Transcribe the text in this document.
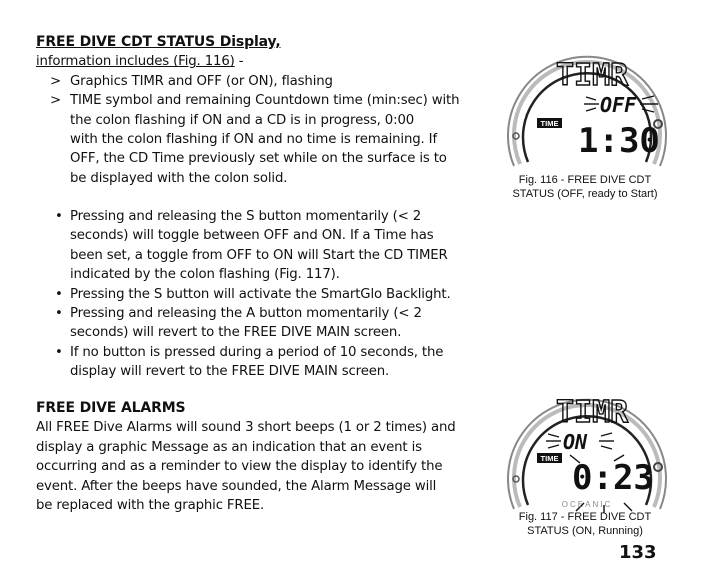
FREE DIVE CDT STATUS Display,
information includes (Fig. 116) -
> Graphics TIMR and OFF (or ON), flashing
> TIME symbol and remaining Countdown time (min:sec) with
the colon flashing if ON and a CD is in progress, 0:00
with the colon flashing if ON and no time is remaining. If
OFF, the CD Time previously set while on the surface is to
be displayed with the colon solid.
• Pressing and releasing the S button momentarily (< 2
seconds) will toggle between OFF and ON. If a Time has
been set, a toggle from OFF to ON will Start the CD TIMER
indicated by the colon flashing (Fig. 117).
• Pressing the S button will activate the SmartGlo Backlight.
• Pressing and releasing the A button momentarily (< 2
seconds) will revert to the FREE DIVE MAIN screen.
• If no button is pressed during a period of 10 seconds, the
display will revert to the FREE DIVE MAIN screen.
FREE DIVE ALARMS
All FREE Dive Alarms will sound 3 short beeps (1 or 2 times) and
display a graphic Message as an indication that an event is
occurring and as a reminder to view the display to identify the
event. After the beeps have sounded, the Alarm Message will
be replaced with the graphic FREE.
TIMR
OFF
TIME 1:30
Fig. 116 - FREE DIVE CDT
STATUS (OFF, ready to Start)
TIMR
ON
TIME 0:23
OCEANIC
Fig. 117 - FREE DIVE CDT
STATUS (ON, Running)
133
